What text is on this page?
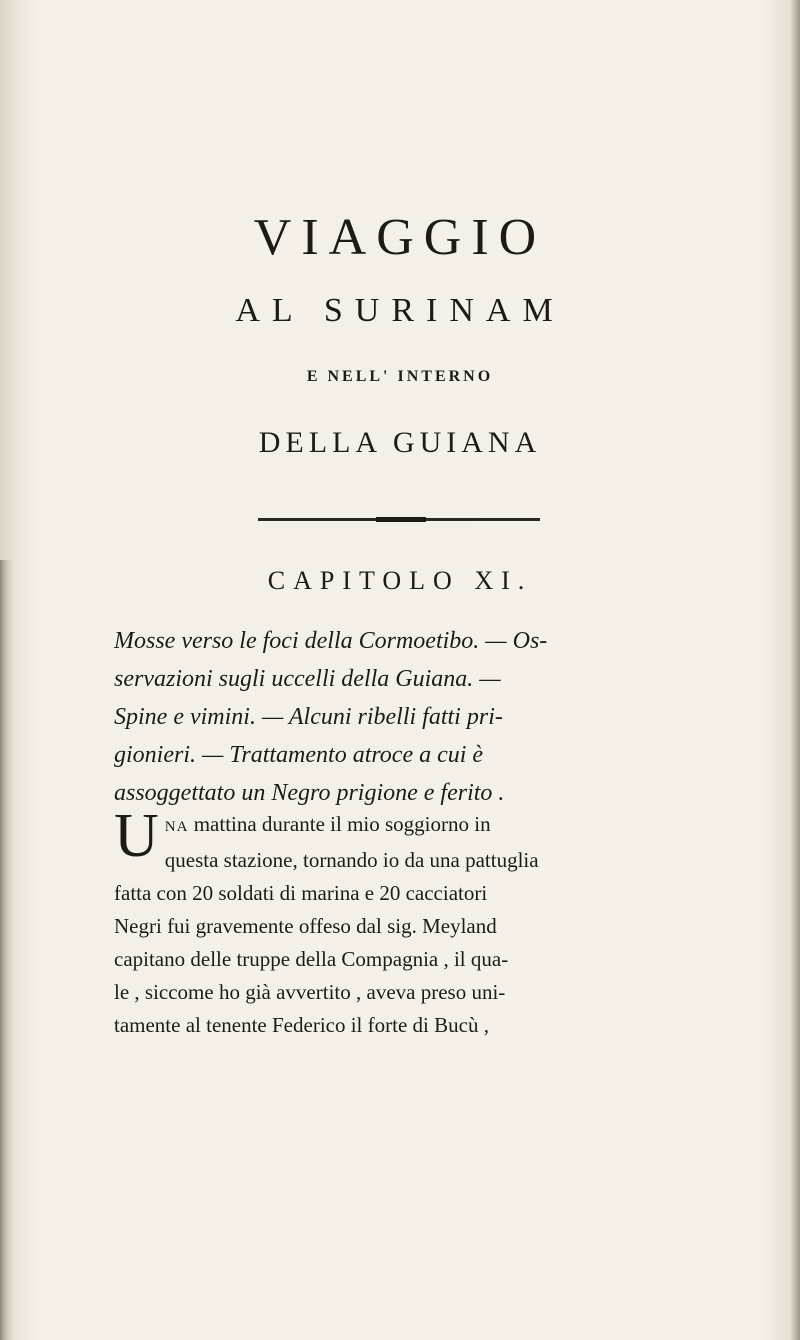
VIAGGIO
AL SURINAM
E NELL' INTERNO
DELLA GUIANA
CAPITOLO XI.
Mosse verso le foci della Cormoetibo. — Os-
servazioni sugli uccelli della Guiana. —
Spine e vimini. — Alcuni ribelli fatti pri-
gionieri. — Trattamento atroce a cui è
assoggettato un Negro prigione e ferito .
U NA mattina durante il mio soggiorno in
questa stazione, tornando io da una pattuglia
fatta con 20 soldati di marina e 20 cacciatori
Negri fui gravemente offeso dal sig. Meyland
capitano delle truppe della Compagnia , il qua-
le , siccome ho già avvertito , aveva preso uni-
tamente al tenente Federico il forte di Bucù ,
